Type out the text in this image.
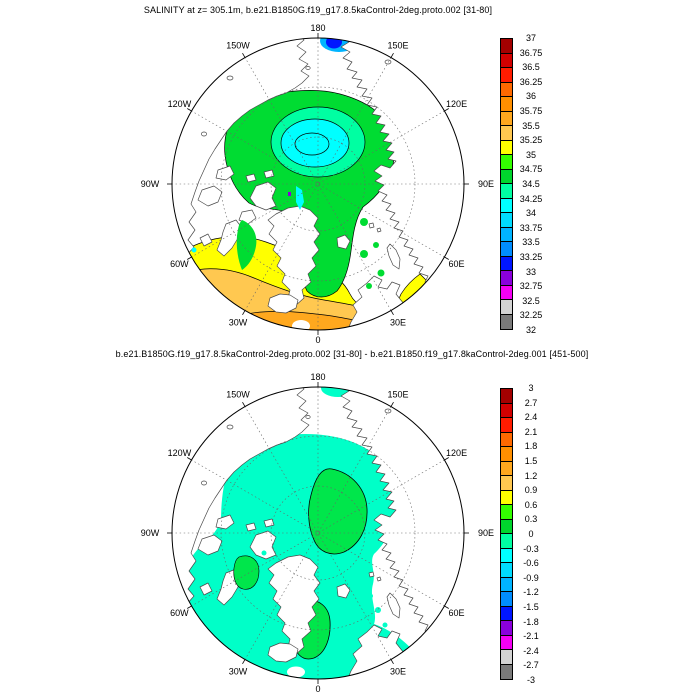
SALINITY at z= 305.1m, b.e21.B1850G.f19_g17.8.5kaControl-2deg.proto.002 [31-80]
180
150E
120E
90E
60E
30E
0
30W
60W
90W
120W
150W
37
36.75
36.5
36.25
36
35.75
35.5
35.25
35
34.75
34.5
34.25
34
33.75
33.5
33.25
33
32.75
32.5
32.25
32
b.e21.B1850G.f19_g17.8.5kaControl-2deg.proto.002 [31-80] - b.e21.B1850.f19_g17.8kaControl-2deg.001 [451-500]
180
150E
120E
90E
60E
30E
0
30W
60W
90W
120W
150W
3
2.7
2.4
2.1
1.8
1.5
1.2
0.9
0.6
0.3
0
-0.3
-0.6
-0.9
-1.2
-1.5
-1.8
-2.1
-2.4
-2.7
-3
